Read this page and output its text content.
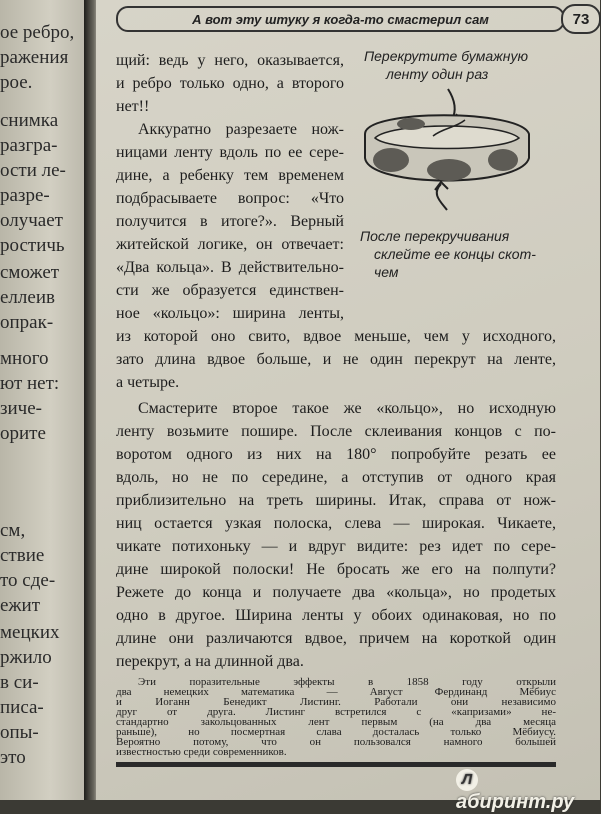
ое ребро,
ражения
рое.
снимка
разгра-
ости ле-
разре-
олучает
ростичь
сможет
еллеив
опрак-
много
ют нет:
зиче-
орите
см,
ствие
то сде-
ежит
мецких
ржило
в си-
писа-
опы-
это
А вот эту штуку я когда-то смастерил сам	73
Перекрутите бумажную
ленту один раз
После перекручивания
склейте ее концы скот-
чем
щий: ведь у него, оказывается,
и ребро только одно, а второго
нет!!
Аккуратно разрезаете нож-
ницами ленту вдоль по ее сере-
дине, а ребенку тем временем
подбрасываете вопрос: «Что
получится в итоге?». Верный
житейской логике, он отвечает:
«Два кольца». В действительно-
сти же образуется единствен-
ное «кольцо»: ширина ленты,
из которой оно свито, вдвое меньше, чем у исходного,
зато длина вдвое больше, и не один перекрут на ленте,
а четыре.
Смастерите второе такое же «кольцо», но исходную
ленту возьмите пошире. После склеивания концов с по-
воротом одного из них на 180° попробуйте резать ее
вдоль, но не по середине, а отступив от одного края
приблизительно на треть ширины. Итак, справа от нож-
ниц остается узкая полоска, слева — широкая. Чикаете,
чикате потихоньку — и вдруг видите: рез идет по сере-
дине широкой полоски! Не бросать же его на полпути?
Режете до конца и получаете два «кольца», но продетых
одно в другое. Ширина ленты у обоих одинаковая, но по
длине они различаются вдвое, причем на короткой один
перекрут, а на длинной два.
Лабиринт.ру
Эти поразительные эффекты в 1858 году открыли
два немецких математика — Август Фердинанд Мёбиус
и Иоганн Бенедикт Листинг. Работали они независимо
друг от друга. Листинг встретился с «капризами» не-
стандартно закольцованных лент первым (на два месяца
раньше), но посмертная слава досталась только Мёбиусу.
Вероятно потому, что он пользовался намного большей
известностью среди современников.
